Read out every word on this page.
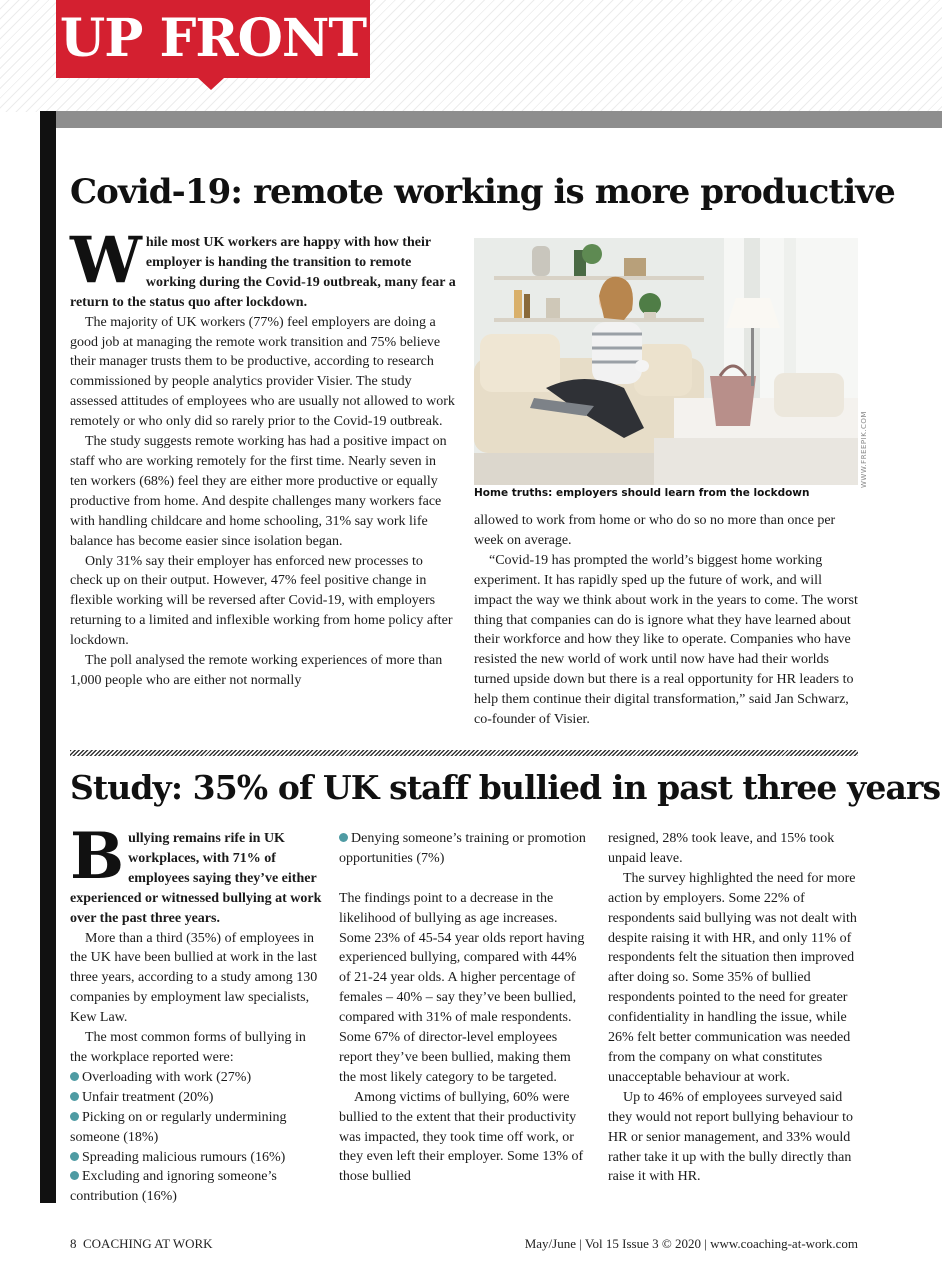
UP FRONT
Covid-19: remote working is more productive

While most UK workers are happy with how their employer is handing the transition to remote working during the Covid-19 outbreak, many fear a return to the status quo after lockdown.

The majority of UK workers (77%) feel employers are doing a good job at managing the remote work transition and 75% believe their manager trusts them to be productive, according to research commissioned by people analytics provider Visier. The study assessed attitudes of employees who are usually not allowed to work remotely or who only did so rarely prior to the Covid-19 outbreak.

The study suggests remote working has had a positive impact on staff who are working remotely for the first time. Nearly seven in ten workers (68%) feel they are either more productive or equally productive from home. And despite challenges many workers face with handling childcare and home schooling, 31% say work life balance has become easier since isolation began.

Only 31% say their employer has enforced new processes to check up on their output. However, 47% feel positive change in flexible working will be reversed after Covid-19, with employers returning to a limited and inflexible working from home policy after lockdown.

The poll analysed the remote working experiences of more than 1,000 people who are either not normally

WWW.FREEPIK.COM
Home truths: employers should learn from the lockdown

allowed to work from home or who do so no more than once per week on average.

“Covid-19 has prompted the world’s biggest home working experiment. It has rapidly sped up the future of work, and will impact the way we think about work in the years to come. The worst thing that companies can do is ignore what they have learned about their workforce and how they like to operate. Companies who have resisted the new world of work until now have had their worlds turned upside down but there is a real opportunity for HR leaders to help them continue their digital transformation,” said Jan Schwarz, co-founder of Visier.

Study: 35% of UK staff bullied in past three years

Bullying remains rife in UK workplaces, with 71% of employees saying they’ve either experienced or witnessed bullying at work over the past three years.

More than a third (35%) of employees in the UK have been bullied at work in the last three years, according to a study among 130 companies by employment law specialists, Kew Law.

The most common forms of bullying in the workplace reported were:

Overloading with work (27%)
Unfair treatment (20%)
Picking on or regularly undermining someone (18%)
Spreading malicious rumours (16%)
Excluding and ignoring someone’s contribution (16%)
Denying someone’s training or promotion opportunities (7%)

The findings point to a decrease in the likelihood of bullying as age increases. Some 23% of 45-54 year olds report having experienced bullying, compared with 44% of 21-24 year olds. A higher percentage of females – 40% – say they’ve been bullied, compared with 31% of male respondents. Some 67% of director-level employees report they’ve been bullied, making them the most likely category to be targeted.

Among victims of bullying, 60% were bullied to the extent that their productivity was impacted, they took time off work, or they even left their employer. Some 13% of those bullied

resigned, 28% took leave, and 15% took unpaid leave.

The survey highlighted the need for more action by employers. Some 22% of respondents said bullying was not dealt with despite raising it with HR, and only 11% of respondents felt the situation then improved after doing so. Some 35% of bullied respondents pointed to the need for greater confidentiality in handling the issue, while 26% felt better communication was needed from the company on what constitutes unacceptable behaviour at work.

Up to 46% of employees surveyed said they would not report bullying behaviour to HR or senior management, and 33% would rather take it up with the bully directly than raise it with HR.

8 COACHING AT WORK	May/June | Vol 15 Issue 3 © 2020 | www.coaching-at-work.com
